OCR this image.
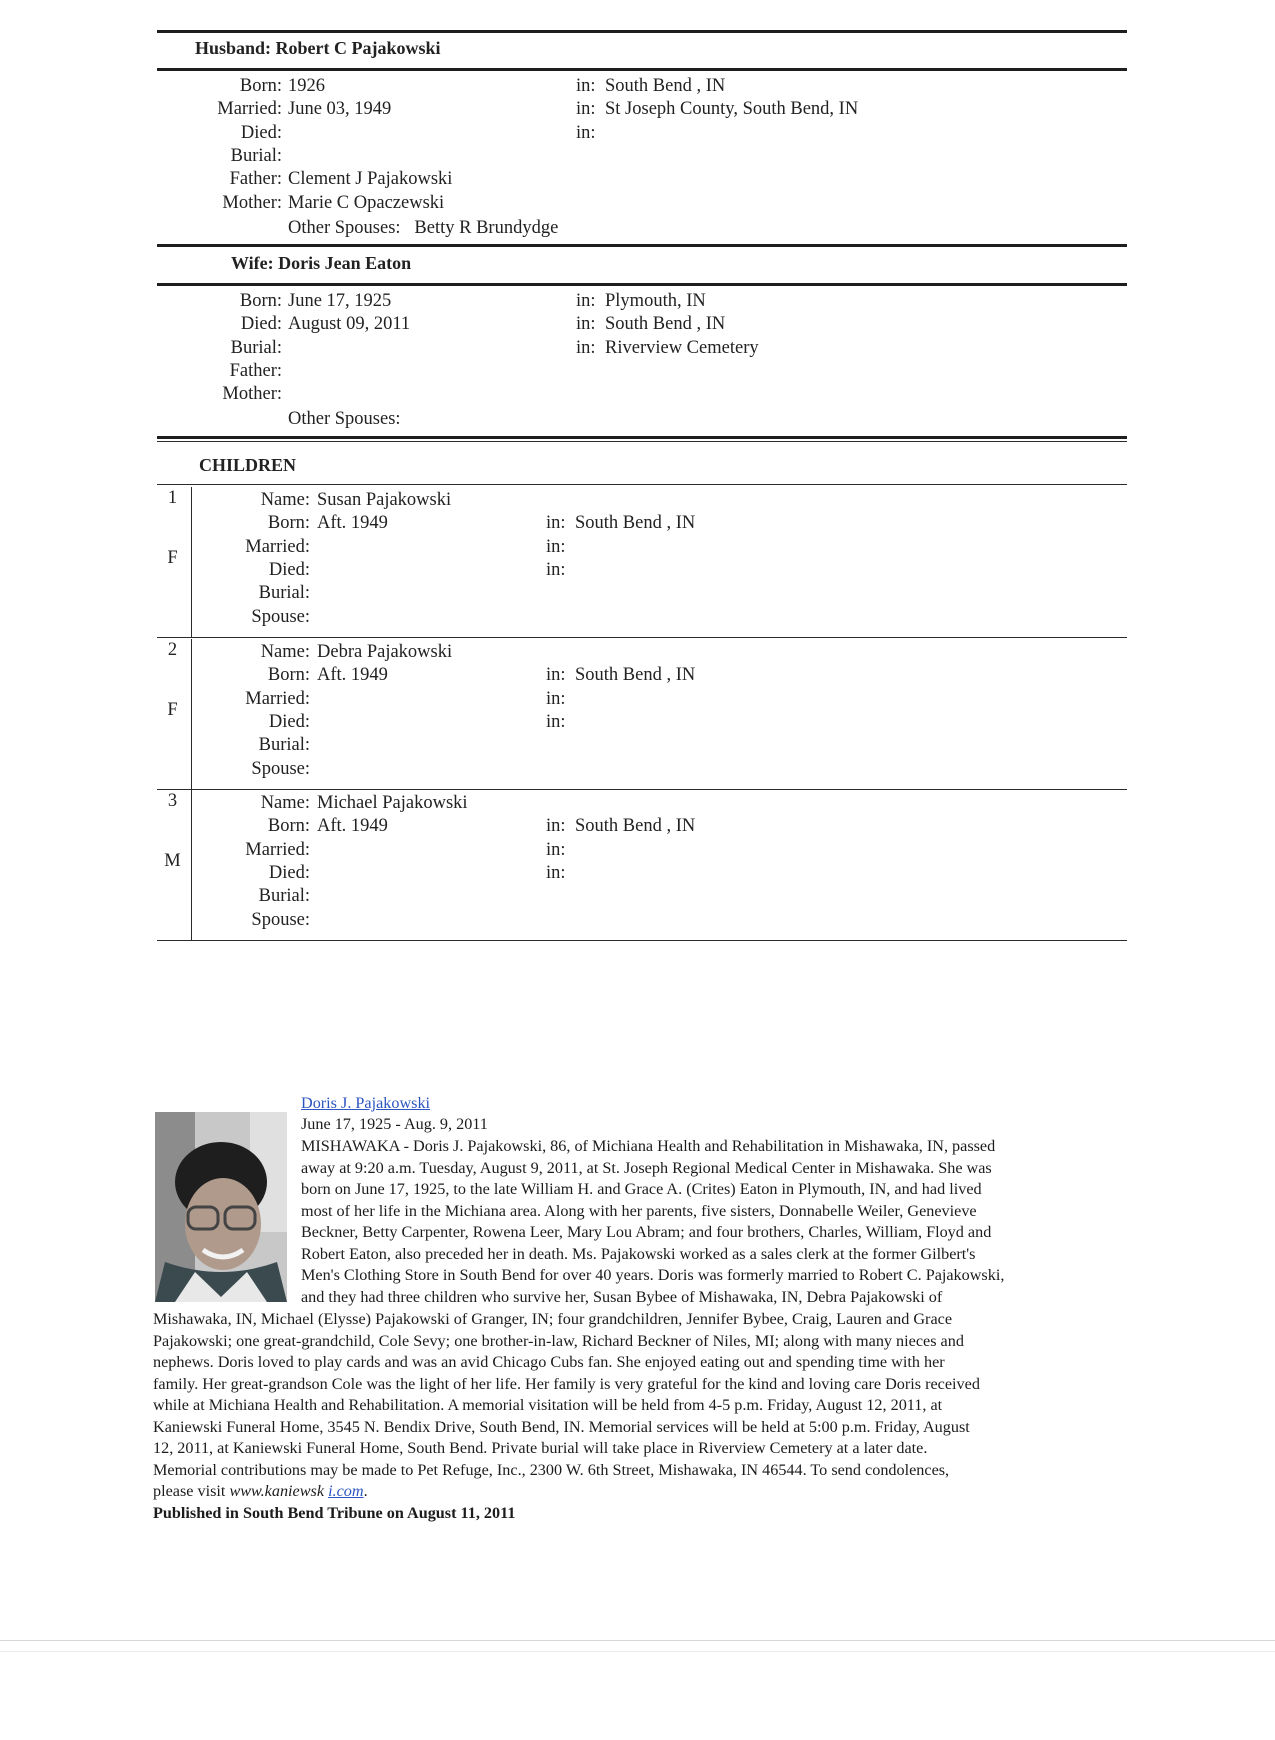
Husband: Robert C Pajakowski
Born: 1926	in: South Bend , IN
Married: June 03, 1949	in: St Joseph County, South Bend, IN
Died:	in:
Burial:
Father: Clement J Pajakowski
Mother: Marie C Opaczewski
Other Spouses: Betty R Brundydge
Wife: Doris Jean Eaton
Born: June 17, 1925	in: Plymouth, IN
Died: August 09, 2011	in: South Bend , IN
Burial:	in: Riverview Cemetery
Father:
Mother:
Other Spouses:
CHILDREN
1
F
Name: Susan Pajakowski
Born: Aft. 1949	in: South Bend , IN
Married:	in:
Died:	in:
Burial:
Spouse:
2
F
Name: Debra Pajakowski
Born: Aft. 1949	in: South Bend , IN
Married:	in:
Died:	in:
Burial:
Spouse:
3
M
Name: Michael Pajakowski
Born: Aft. 1949	in: South Bend , IN
Married:	in:
Died:	in:
Burial:
Spouse:
Doris J. Pajakowski
June 17, 1925 - Aug. 9, 2011
MISHAWAKA - Doris J. Pajakowski, 86, of Michiana Health and Rehabilitation in Mishawaka, IN, passed
away at 9:20 a.m. Tuesday, August 9, 2011, at St. Joseph Regional Medical Center in Mishawaka. She was
born on June 17, 1925, to the late William H. and Grace A. (Crites) Eaton in Plymouth, IN, and had lived
most of her life in the Michiana area. Along with her parents, five sisters, Donnabelle Weiler, Genevieve
Beckner, Betty Carpenter, Rowena Leer, Mary Lou Abram; and four brothers, Charles, William, Floyd and
Robert Eaton, also preceded her in death. Ms. Pajakowski worked as a sales clerk at the former Gilbert's
Men's Clothing Store in South Bend for over 40 years. Doris was formerly married to Robert C. Pajakowski,
and they had three children who survive her, Susan Bybee of Mishawaka, IN, Debra Pajakowski of
Mishawaka, IN, Michael (Elysse) Pajakowski of Granger, IN; four grandchildren, Jennifer Bybee, Craig, Lauren and Grace
Pajakowski; one great-grandchild, Cole Sevy; one brother-in-law, Richard Beckner of Niles, MI; along with many nieces and
nephews. Doris loved to play cards and was an avid Chicago Cubs fan. She enjoyed eating out and spending time with her
family. Her great-grandson Cole was the light of her life. Her family is very grateful for the kind and loving care Doris received
while at Michiana Health and Rehabilitation. A memorial visitation will be held from 4-5 p.m. Friday, August 12, 2011, at
Kaniewski Funeral Home, 3545 N. Bendix Drive, South Bend, IN. Memorial services will be held at 5:00 p.m. Friday, August
12, 2011, at Kaniewski Funeral Home, South Bend. Private burial will take place in Riverview Cemetery at a later date.
Memorial contributions may be made to Pet Refuge, Inc., 2300 W. 6th Street, Mishawaka, IN 46544. To send condolences,
please visit www.kaniewsk i.com.
Published in South Bend Tribune on August 11, 2011
